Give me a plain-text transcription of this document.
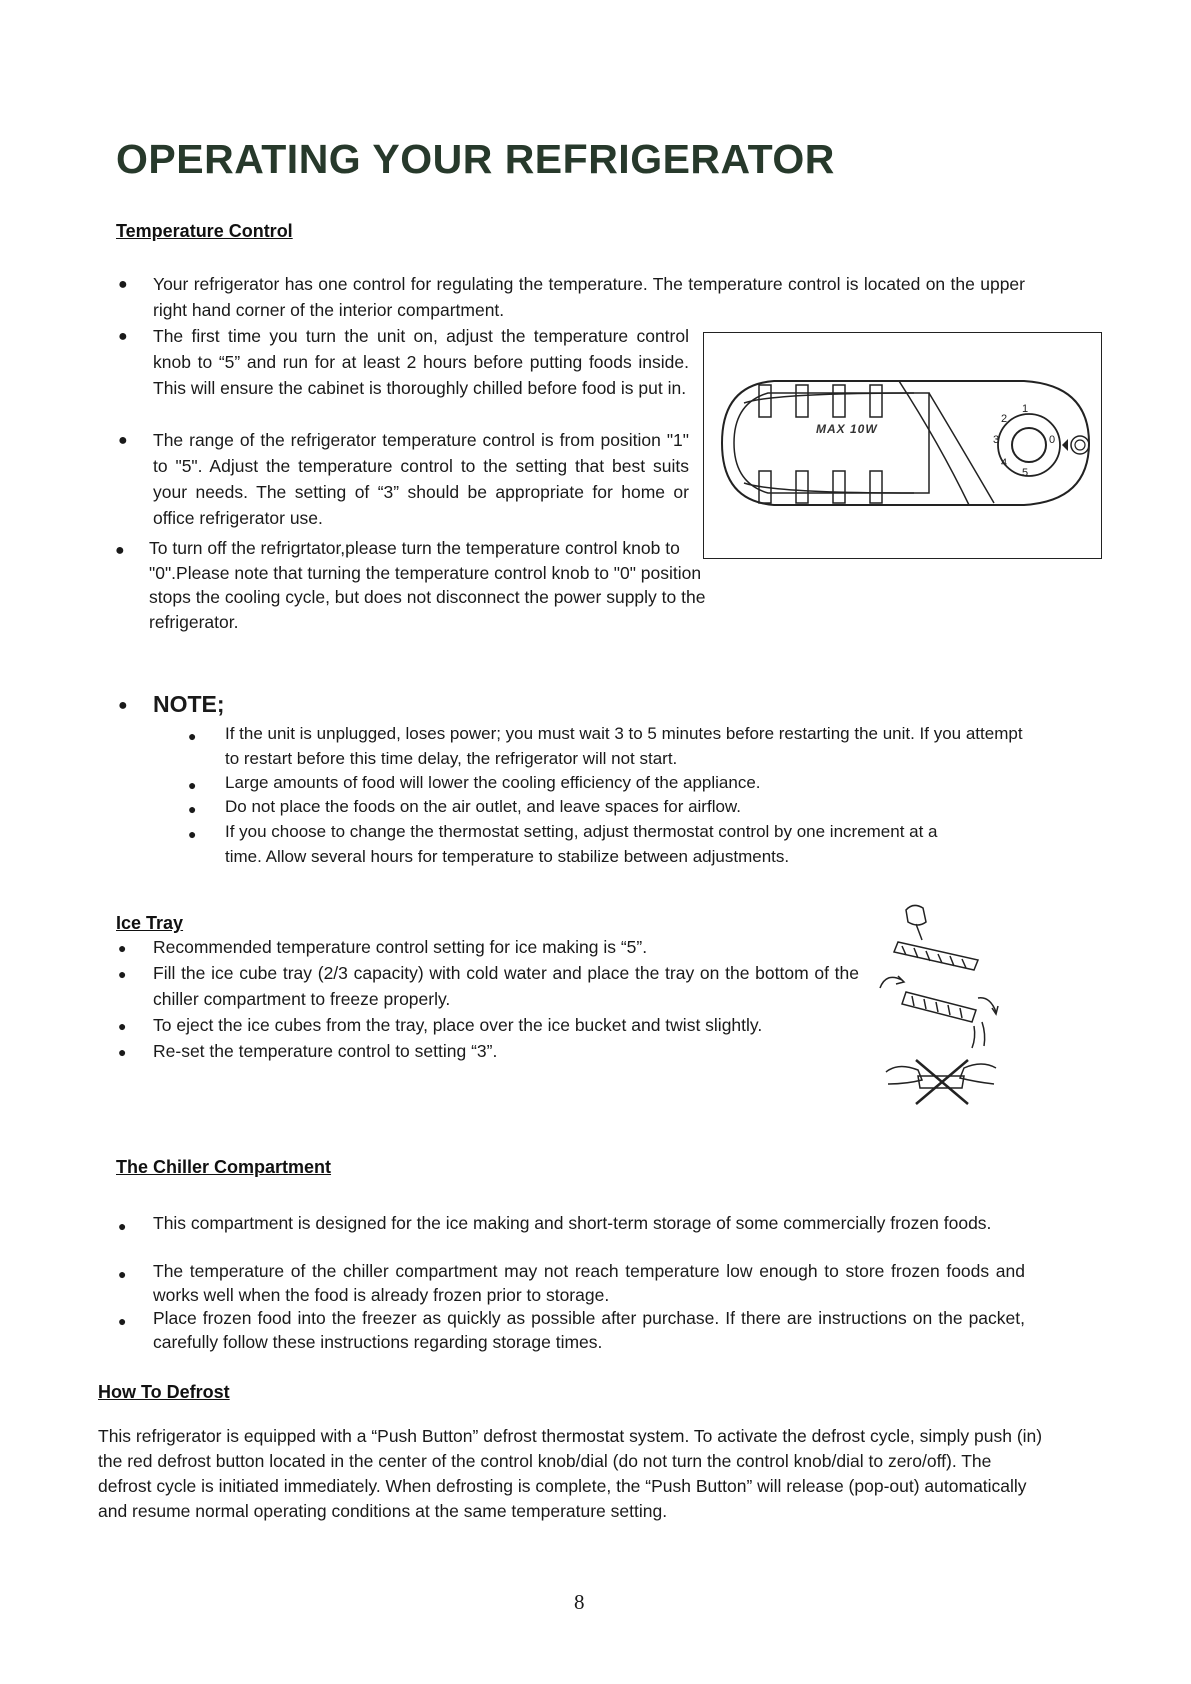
OPERATING YOUR REFRIGERATOR
Temperature Control
● Your refrigerator has one control for regulating the temperature. The temperature control is located on the upper right hand corner of the interior compartment.
● The first time you turn the unit on, adjust the temperature control knob to “5” and run for at least 2 hours before putting foods inside. This will ensure the cabinet is thoroughly chilled before food is put in.
● The range of the refrigerator temperature control is from position "1" to "5". Adjust the temperature control to the setting that best suits your needs. The setting of “3” should be appropriate for home or office refrigerator use.
● To turn off the refrigrtator,please turn the temperature control knob to "0".Please note that turning the temperature control knob to "0" position stops the cooling cycle, but does not disconnect the power supply to the refrigerator.
MAX 10W
1
2
3
4
5
0
● NOTE;
● If the unit is unplugged, loses power; you must wait 3 to 5 minutes before restarting the unit. If you attempt to restart before this time delay, the refrigerator will not start.
● Large amounts of food will lower the cooling efficiency of the appliance.
● Do not place the foods on the air outlet, and leave spaces for airflow.
● If you choose to change the thermostat setting, adjust thermostat control by one increment at a time. Allow several hours for temperature to stabilize between adjustments.
Ice Tray
● Recommended temperature control setting for ice making is “5”.
● Fill the ice cube tray (2/3 capacity) with cold water and place the tray on the bottom of the chiller compartment to freeze properly.
● To eject the ice cubes from the tray, place over the ice bucket and twist slightly.
● Re-set the temperature control to setting “3”.
The Chiller Compartment
● This compartment is designed for the ice making and short-term storage of some commercially frozen foods.
● The temperature of the chiller compartment may not reach temperature low enough to store frozen foods and works well when the food is already frozen prior to storage.
● Place frozen food into the freezer as quickly as possible after purchase. If there are instructions on the packet, carefully follow these instructions regarding storage times.
How To Defrost
This refrigerator is equipped with a “Push Button” defrost thermostat system. To activate the defrost cycle, simply push (in) the red defrost button located in the center of the control knob/dial (do not turn the control knob/dial to zero/off). The defrost cycle is initiated immediately. When defrosting is complete, the “Push Button” will release (pop-out) automatically and resume normal operating conditions at the same temperature setting.
8
